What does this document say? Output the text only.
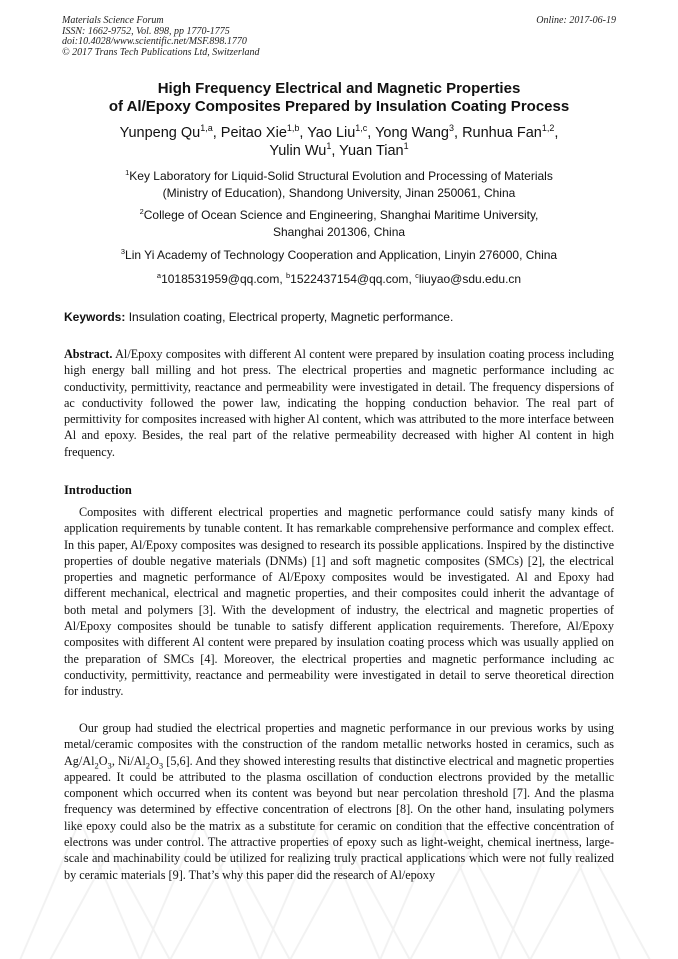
Materials Science Forum
ISSN: 1662-9752, Vol. 898, pp 1770-1775
doi:10.4028/www.scientific.net/MSF.898.1770
© 2017 Trans Tech Publications Ltd, Switzerland
Online: 2017-06-19
High Frequency Electrical and Magnetic Properties
of Al/Epoxy Composites Prepared by Insulation Coating Process
Yunpeng Qu$^{1,a}$, Peitao Xie$^{1,b}$, Yao Liu$^{1,c}$, Yong Wang$^3$, Runhua Fan$^{1,2}$,
Yulin Wu$^1$, Yuan Tian$^1$
$^1$Key Laboratory for Liquid-Solid Structural Evolution and Processing of Materials
(Ministry of Education), Shandong University, Jinan 250061, China
$^2$College of Ocean Science and Engineering, Shanghai Maritime University,
Shanghai 201306, China
$^3$Lin Yi Academy of Technology Cooperation and Application, Linyin 276000, China
$^a$1018531959@qq.com, $^b$1522437154@qq.com, $^c$liuyao@sdu.edu.cn
Keywords: Insulation coating, Electrical property, Magnetic performance.
Abstract. Al/Epoxy composites with different Al content were prepared by insulation coating process including high energy ball milling and hot press. The electrical properties and magnetic performance including ac conductivity, permittivity, reactance and permeability were investigated in detail. The frequency dispersions of ac conductivity followed the power law, indicating the hopping conduction behavior. The real part of permittivity for composites increased with higher Al content, which was attributed to the more interface between Al and epoxy. Besides, the real part of the relative permeability decreased with higher Al content in high frequency.
Introduction
Composites with different electrical properties and magnetic performance could satisfy many kinds of application requirements by tunable content. It has remarkable comprehensive performance and complex effect. In this paper, Al/Epoxy composites was designed to research its possible applications. Inspired by the distinctive properties of double negative materials (DNMs) [1] and soft magnetic composites (SMCs) [2], the electrical properties and magnetic performance of Al/Epoxy composites would be investigated. Al and Epoxy had different mechanical, electrical and magnetic properties, and their composites could inherit the advantage of both metal and polymers [3]. With the development of industry, the electrical and magnetic properties of Al/Epoxy composites should be tunable to satisfy different application requirements. Therefore, Al/Epoxy composites with different Al content were prepared by insulation coating process which was usually applied on the preparation of SMCs [4]. Moreover, the electrical properties and magnetic performance including ac conductivity, permittivity, reactance and permeability were investigated in detail to serve theoretical direction for industry.
Our group had studied the electrical properties and magnetic performance in our previous works by using metal/ceramic composites with the construction of the random metallic networks hosted in ceramics, such as $Ag/Al_2O_3$, $Ni/Al_2O_3$ [5,6]. And they showed interesting results that distinctive electrical and magnetic properties appeared. It could be attributed to the plasma oscillation of conduction electrons provided by the metallic component which occurred when its content was beyond but near percolation threshold [7]. And the plasma frequency was determined by effective concentration of electrons [8]. On the other hand, insulating polymers like epoxy could also be the matrix as a substitute for ceramic on condition that the effective concentration of electrons was under control. The attractive properties of epoxy such as light-weight, chemical inertness, large-scale and machinability could be utilized for realizing truly practical applications which were not fully realized by ceramic materials [9]. That’s why this paper did the research of Al/epoxy
